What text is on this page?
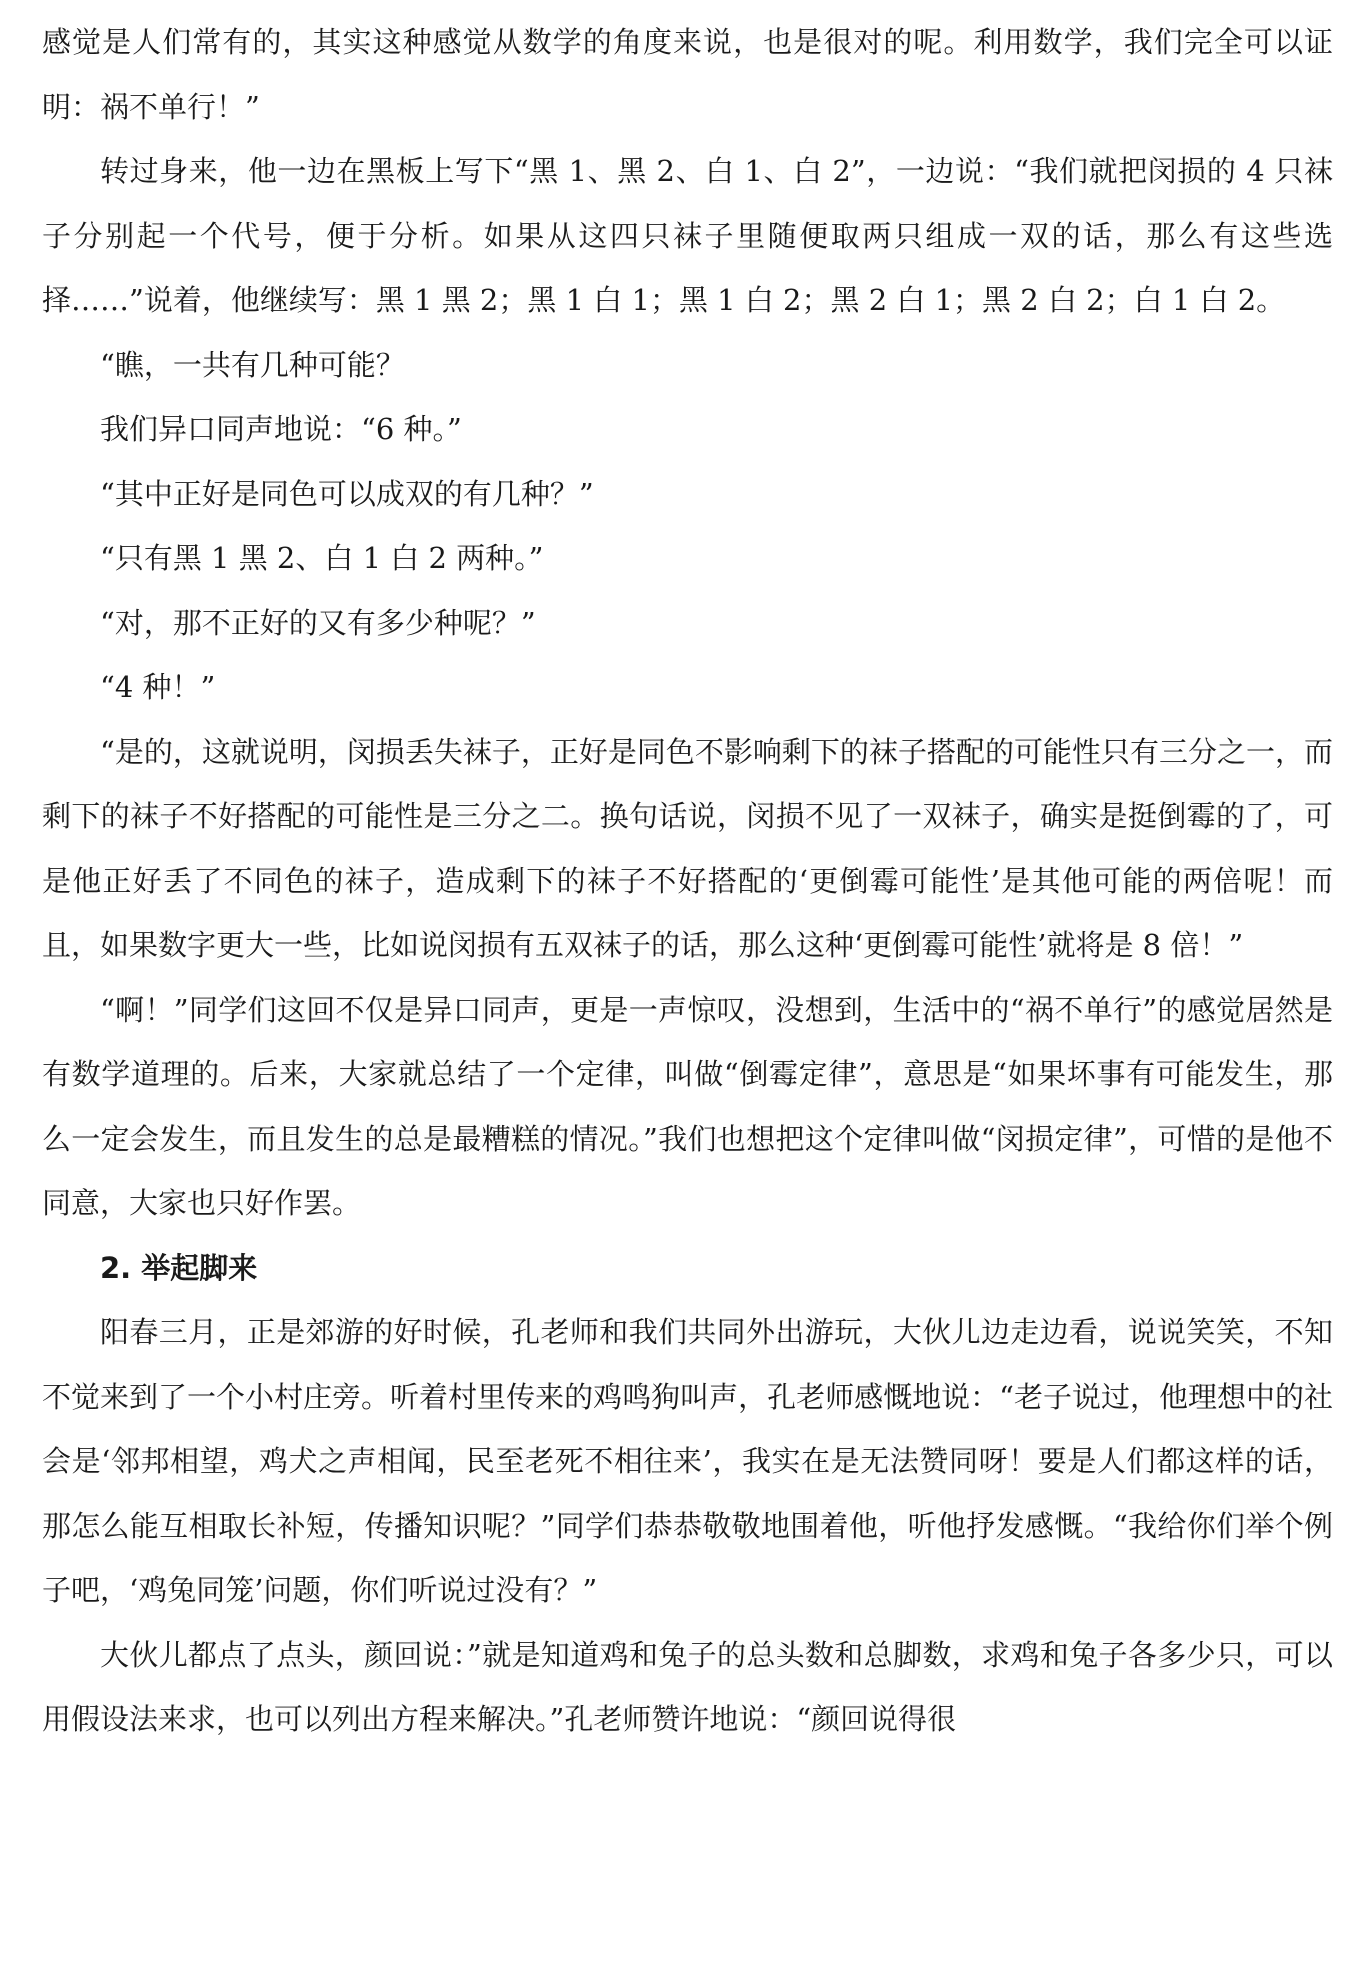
感觉是人们常有的，其实这种感觉从数学的角度来说，也是很对的呢。利用数学，我们完全可以证明：祸不单行！”

转过身来，他一边在黑板上写下“黑 1、黑 2、白 1、白 2”，一边说：“我们就把闵损的 4 只袜子分别起一个代号，便于分析。如果从这四只袜子里随便取两只组成一双的话，那么有这些选择……”说着，他继续写：黑 1 黑 2；黑 1 白 1；黑 1 白 2；黑 2 白 1；黑 2 白 2；白 1 白 2。

“瞧，一共有几种可能？

我们异口同声地说：“6 种。”

“其中正好是同色可以成双的有几种？”

“只有黑 1 黑 2、白 1 白 2 两种。”

“对，那不正好的又有多少种呢？”

“4 种！”

“是的，这就说明，闵损丢失袜子，正好是同色不影响剩下的袜子搭配的可能性只有三分之一，而剩下的袜子不好搭配的可能性是三分之二。换句话说，闵损不见了一双袜子，确实是挺倒霉的了，可是他正好丢了不同色的袜子，造成剩下的袜子不好搭配的‘更倒霉可能性’是其他可能的两倍呢！而且，如果数字更大一些，比如说闵损有五双袜子的话，那么这种‘更倒霉可能性’就将是 8 倍！”

“啊！”同学们这回不仅是异口同声，更是一声惊叹，没想到，生活中的“祸不单行”的感觉居然是有数学道理的。后来，大家就总结了一个定律，叫做“倒霉定律”，意思是“如果坏事有可能发生，那么一定会发生，而且发生的总是最糟糕的情况。”我们也想把这个定律叫做“闵损定律”，可惜的是他不同意，大家也只好作罢。

2. 举起脚来

阳春三月，正是郊游的好时候，孔老师和我们共同外出游玩，大伙儿边走边看，说说笑笑，不知不觉来到了一个小村庄旁。听着村里传来的鸡鸣狗叫声，孔老师感慨地说：“老子说过，他理想中的社会是‘邻邦相望，鸡犬之声相闻，民至老死不相往来’，我实在是无法赞同呀！要是人们都这样的话，那怎么能互相取长补短，传播知识呢？”同学们恭恭敬敬地围着他，听他抒发感慨。“我给你们举个例子吧，‘鸡兔同笼’问题，你们听说过没有？”

大伙儿都点了点头，颜回说：”就是知道鸡和兔子的总头数和总脚数，求鸡和兔子各多少只，可以用假设法来求，也可以列出方程来解决。”孔老师赞许地说：“颜回说得很
